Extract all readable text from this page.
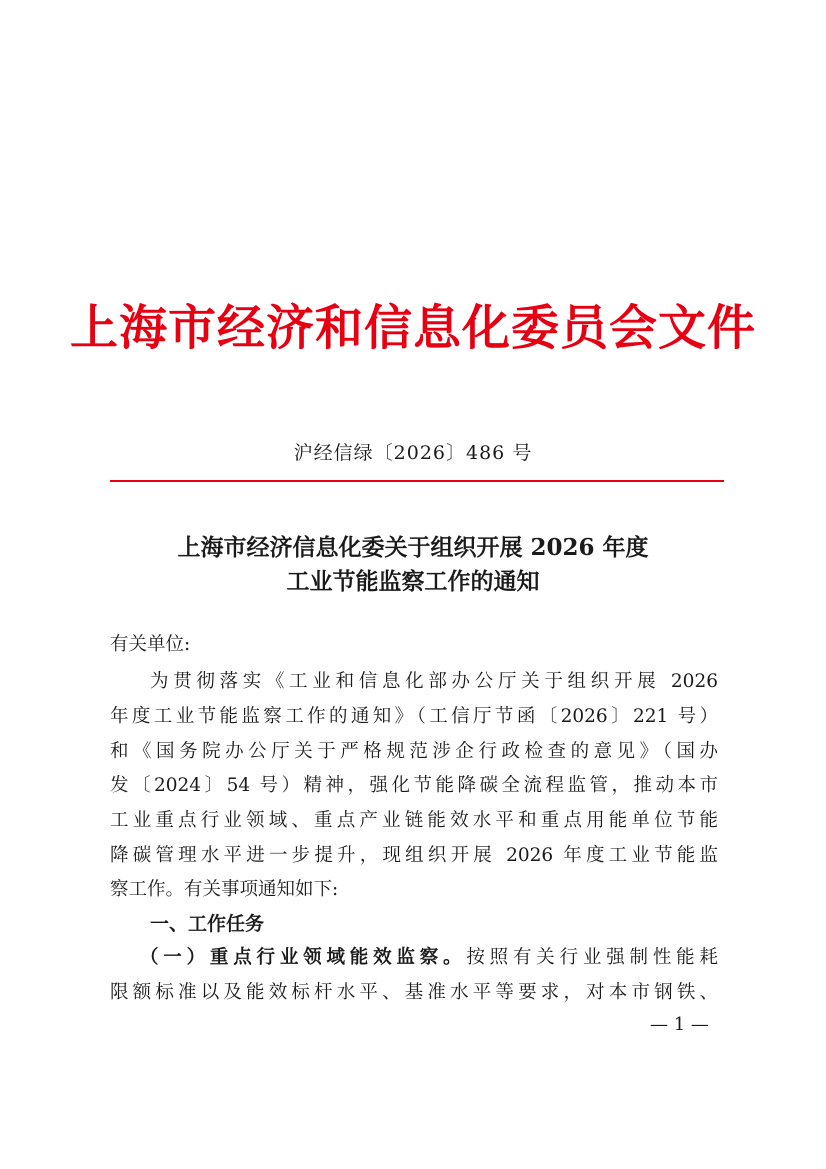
上海市经济和信息化委员会文件
沪经信绿〔2026〕486 号
上海市经济信息化委关于组织开展 2026 年度
工业节能监察工作的通知
有关单位:
为贯彻落实《工业和信息化部办公厅关于组织开展 2026
年度工业节能监察工作的通知》（工信厅节函〔2026〕221 号）
和《国务院办公厅关于严格规范涉企行政检查的意见》（国办
发〔2024〕54 号）精神，强化节能降碳全流程监管，推动本市
工业重点行业领域、重点产业链能效水平和重点用能单位节能
降碳管理水平进一步提升，现组织开展 2026 年度工业节能监
察工作。有关事项通知如下:
一、工作任务
（一）重点行业领域能效监察。按照有关行业强制性能耗
限额标准以及能效标杆水平、基准水平等要求，对本市钢铁、
— 1 —
